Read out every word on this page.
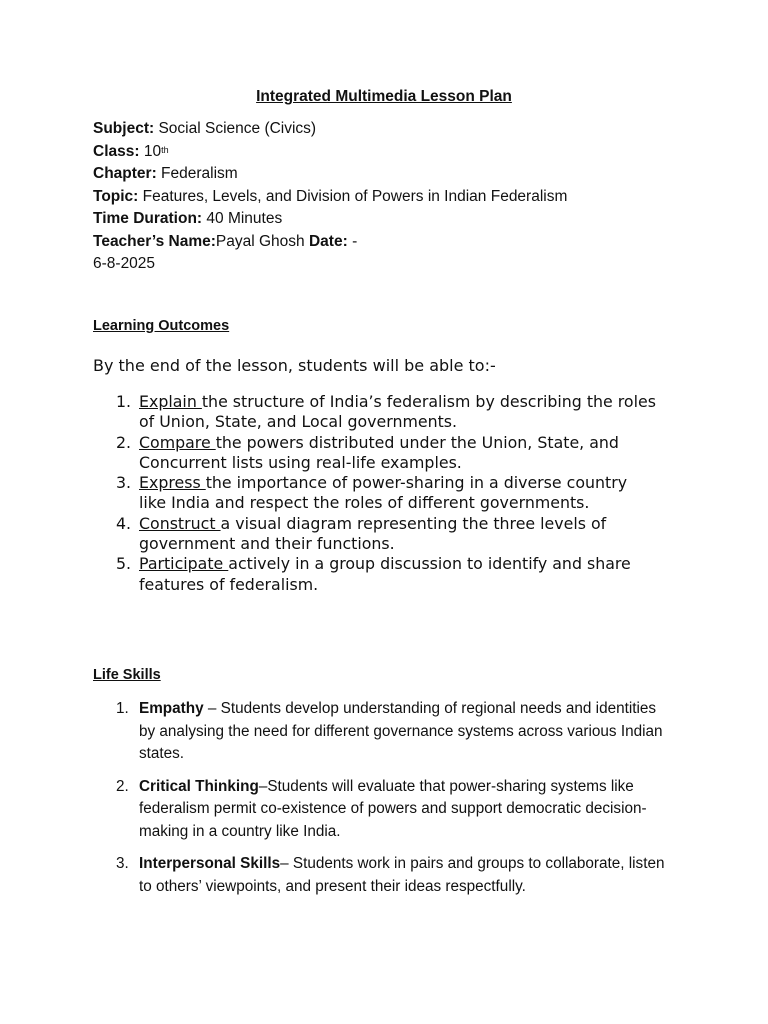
Integrated Multimedia Lesson Plan
Subject: Social Science (Civics)
Class: 10th
Chapter: Federalism
Topic: Features, Levels, and Division of Powers in Indian Federalism
Time Duration: 40 Minutes
Teacher’s Name:Payal Ghosh Date: -
6-8-2025
Learning Outcomes
By the end of the lesson, students will be able to:-
1. Explain the structure of India’s federalism by describing the roles of Union, State, and Local governments.
2. Compare the powers distributed under the Union, State, and Concurrent lists using real-life examples.
3. Express the importance of power-sharing in a diverse country like India and respect the roles of different governments.
4. Construct a visual diagram representing the three levels of government and their functions.
5. Participate actively in a group discussion to identify and share features of federalism.
Life Skills
1. Empathy – Students develop understanding of regional needs and identities by analysing the need for different governance systems across various Indian states.
2. Critical Thinking–Students will evaluate that power-sharing systems like federalism permit co-existence of powers and support democratic decision- making in a country like India.
3. Interpersonal Skills– Students work in pairs and groups to collaborate, listen to others’ viewpoints, and present their ideas respectfully.
